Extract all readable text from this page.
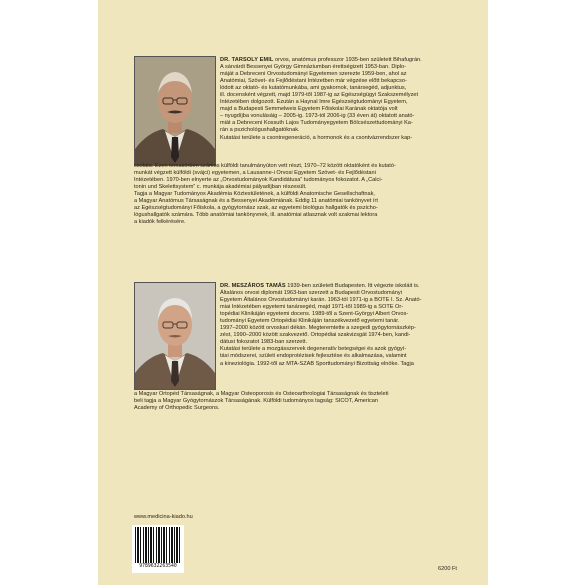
DR. TARSOLY EMIL orvos, anatómus professzor 1935-ben született Bihafugrán.
A sárvárdi Bessenyei György Gimnáziumban érettségizett 1953-ban. Diplo-
máját a Debreceni Orvostudományi Egyetemen szerezte 1959-ben, ahol az
Anatómiai, Szövet- és Fejlődéstani Intézetben már végzése előtt bekapcso-
lódott az oktató- és kutatómunkába, ami gyakornok, tanársegéd, adjunktus,
ill. docensként végzett, majd 1979-től 1987-ig az Egészségügyi Szakszemélyzet
Intézetében dolgozott. Ezután a Haynal Imre Egészségtudományi Egyetem,
majd a Budapesti Semmelweis Egyetem Főiskolai Karának oktatója volt
– nyugdíjba vonulásáig – 2005-ig. 1973-tól 2006-ig (33 éven át) oktatott anató-
miát a Debreceni Kossuth Lajos Tudományegyetem Bölcsészettudományi Ka-
rán a pszichológushallgatóknak.
Kutatási területe a csontregeneráció, a hormonok és a csontvázrendszer kap-
csolata. Ezen témakörben számos külföldi tanulmányúton vett részt, 1970–72 között oktatóként és kutató-
munkát végzett külföldi (svájci) egyetemen, a Lausanne-i Orvosi Egyetem Szövet- és Fejlődéstani
Intézetében. 1970-ben elnyerte az „Orvostudományok Kandidátusa” tudományos fokozatot. A „Calci-
tonin und Skelettsystem” c. munkája akadémiai pályadíjban részesült.
Tagja a Magyar Tudományos Akadémia Köztestületének, a külföldi Anatomische Gesellschaftnak,
a Magyar Anatómus Társaságnak és a Bessenyei Akadémiának. Eddig 11 anatómiai tankönyvet írt
az Egészségtudományi Főiskola, a gyógytornász szak, az egyetemi biológus hallgatók és pszicho-
lógushallgatók számára. Több anatómiai tankönyvnek, ill. anatómiai atlasznak volt szakmai lektora
a kiadók felkérésére.
DR. MESZÁROS TAMÁS 1939-ben született Budapesten. Itt végezte iskoláit is.
Általános orvosi diplomát 1963-ban szerzett a Budapesti Orvostudományi
Egyetem Általános Orvostudományi karán. 1963-tól 1971-ig a BOTE I. Sz. Anató-
miai Intézetében egyetemi tanársegéd, majd 1971-től 1989-ig a SOTE Or-
topédiai Klinikáján egyetemi docens. 1989-től a Szent-Györgyi Albert Orvos-
tudományi Egyetem Ortopédiai Klinikáján tanszékvezető egyetemi tanár.
1997–2000 között orvoskari dékán. Megteremtette a szegedi gyógytornászkép-
zést, 1990–2000 között szakvezető. Ortopédiai szakvizsgát 1974-ben, kandi-
dátusi fokozatot 1983-ban szerzett.
Kutatási területe a mozgásszervek degeneratív betegségei és azok gyógyí-
tási módszerei, születi endoprotézisek fejlesztése és alkalmazása, valamint
a kineziológia. 1992-től az MTA-SZAB Sporttudományi Bizottság elnöke. Tagja
a Magyar Ortopéd Társaságnak, a Magyar Osteoporosis és Osteoarthrologiai Társaságnak és tiszteleti
beli tagja a Magyar Gyógytornászok Társaságának. Külföldi tudományos tagság: SICOT, American
Academy of Orthopedic Surgeons.
www.medicina-kiado.hu
6200 Ft
9789632263540
